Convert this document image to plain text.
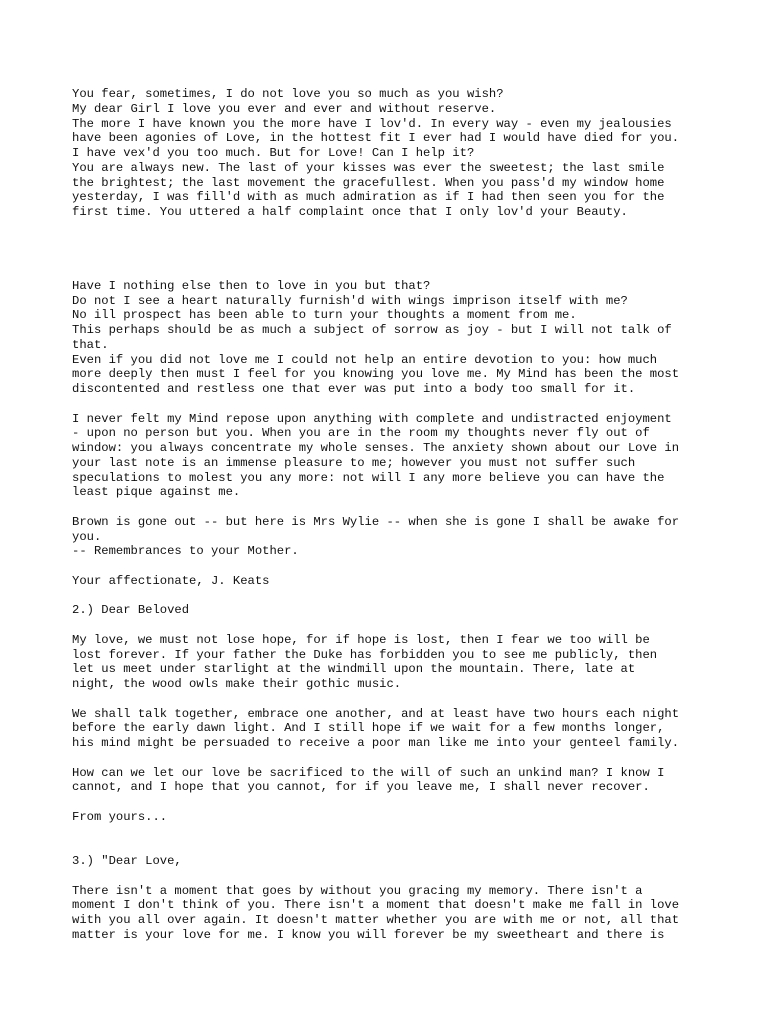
You fear, sometimes, I do not love you so much as you wish?
My dear Girl I love you ever and ever and without reserve.
The more I have known you the more have I lov'd. In every way - even my jealousies
have been agonies of Love, in the hottest fit I ever had I would have died for you.
I have vex'd you too much. But for Love! Can I help it?
You are always new. The last of your kisses was ever the sweetest; the last smile
the brightest; the last movement the gracefullest. When you pass'd my window home
yesterday, I was fill'd with as much admiration as if I had then seen you for the
first time. You uttered a half complaint once that I only lov'd your Beauty.
Have I nothing else then to love in you but that?
Do not I see a heart naturally furnish'd with wings imprison itself with me?
No ill prospect has been able to turn your thoughts a moment from me.
This perhaps should be as much a subject of sorrow as joy - but I will not talk of
that.
Even if you did not love me I could not help an entire devotion to you: how much
more deeply then must I feel for you knowing you love me. My Mind has been the most
discontented and restless one that ever was put into a body too small for it.
I never felt my Mind repose upon anything with complete and undistracted enjoyment
- upon no person but you. When you are in the room my thoughts never fly out of
window: you always concentrate my whole senses. The anxiety shown about our Love in
your last note is an immense pleasure to me; however you must not suffer such
speculations to molest you any more: not will I any more believe you can have the
least pique against me.
Brown is gone out -- but here is Mrs Wylie -- when she is gone I shall be awake for
you.
-- Remembrances to your Mother.
Your affectionate, J. Keats
2.) Dear Beloved
My love, we must not lose hope, for if hope is lost, then I fear we too will be
lost forever. If your father the Duke has forbidden you to see me publicly, then
let us meet under starlight at the windmill upon the mountain. There, late at
night, the wood owls make their gothic music.
We shall talk together, embrace one another, and at least have two hours each night
before the early dawn light. And I still hope if we wait for a few months longer,
his mind might be persuaded to receive a poor man like me into your genteel family.
How can we let our love be sacrificed to the will of such an unkind man? I know I
cannot, and I hope that you cannot, for if you leave me, I shall never recover.
From yours...
3.) "Dear Love,
There isn't a moment that goes by without you gracing my memory. There isn't a
moment I don't think of you. There isn't a moment that doesn't make me fall in love
with you all over again. It doesn't matter whether you are with me or not, all that
matter is your love for me. I know you will forever be my sweetheart and there is
